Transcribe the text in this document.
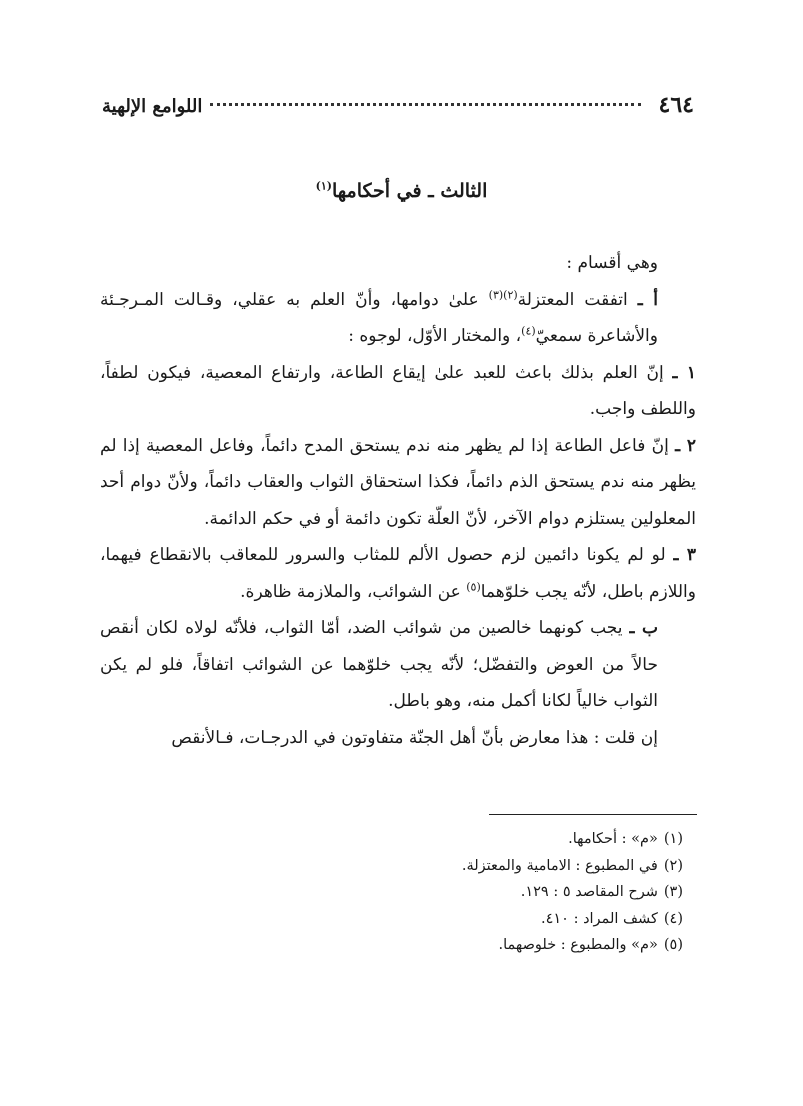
٤٦٤
اللوامع الإلهية
الثالث ـ في أحكامها$^{(١)}$

وهي أقسام :

أ ـ اتفقت المعتزلة$^{(٢)(٣)}$ علىٰ دوامها، وأنّ العلم به عقلي، وقـالت المـرجـئة والأشاعرة سمعيّ$^{(٤)}$، والمختار الأوّل، لوجوه :

١ ـ إنّ العلم بذلك باعث للعبد علىٰ إيقاع الطاعة، وارتفاع المعصية، فيكون لطفاً، واللطف واجب.

٢ ـ إنّ فاعل الطاعة إذا لم يظهر منه ندم يستحق المدح دائماً، وفاعل المعصية إذا لم يظهر منه ندم يستحق الذم دائماً، فكذا استحقاق الثواب والعقاب دائماً، ولأنّ دوام أحد المعلولين يستلزم دوام الآخر، لأنّ العلّة تكون دائمة أو في حكم الدائمة.

٣ ـ لو لم يكونا دائمين لزم حصول الألم للمثاب والسرور للمعاقب بالانقطاع فيهما، واللازم باطل، لأنّه يجب خلوّهما$^{(٥)}$ عن الشوائب، والملازمة ظاهرة.

ب ـ يجب كونهما خالصين من شوائب الضد، أمّا الثواب، فلأنّه لولاه لكان أنقص حالاً من العوض والتفضّل؛ لأنّه يجب خلوّهما عن الشوائب اتفاقاً، فلو لم يكن الثواب خالياً لكانا أكمل منه، وهو باطل.

إن قلت : هذا معارض بأنّ أهل الجنّة متفاوتون في الدرجـات، فـالأنقص

(١)«م» : أحكامها.

(٢)في المطبوع : الامامية والمعتزلة.

(٣)شرح المقاصد ٥ : ١٢٩.

(٤)كشف المراد : ٤١٠.

(٥)«م» والمطبوع : خلوصهما.
